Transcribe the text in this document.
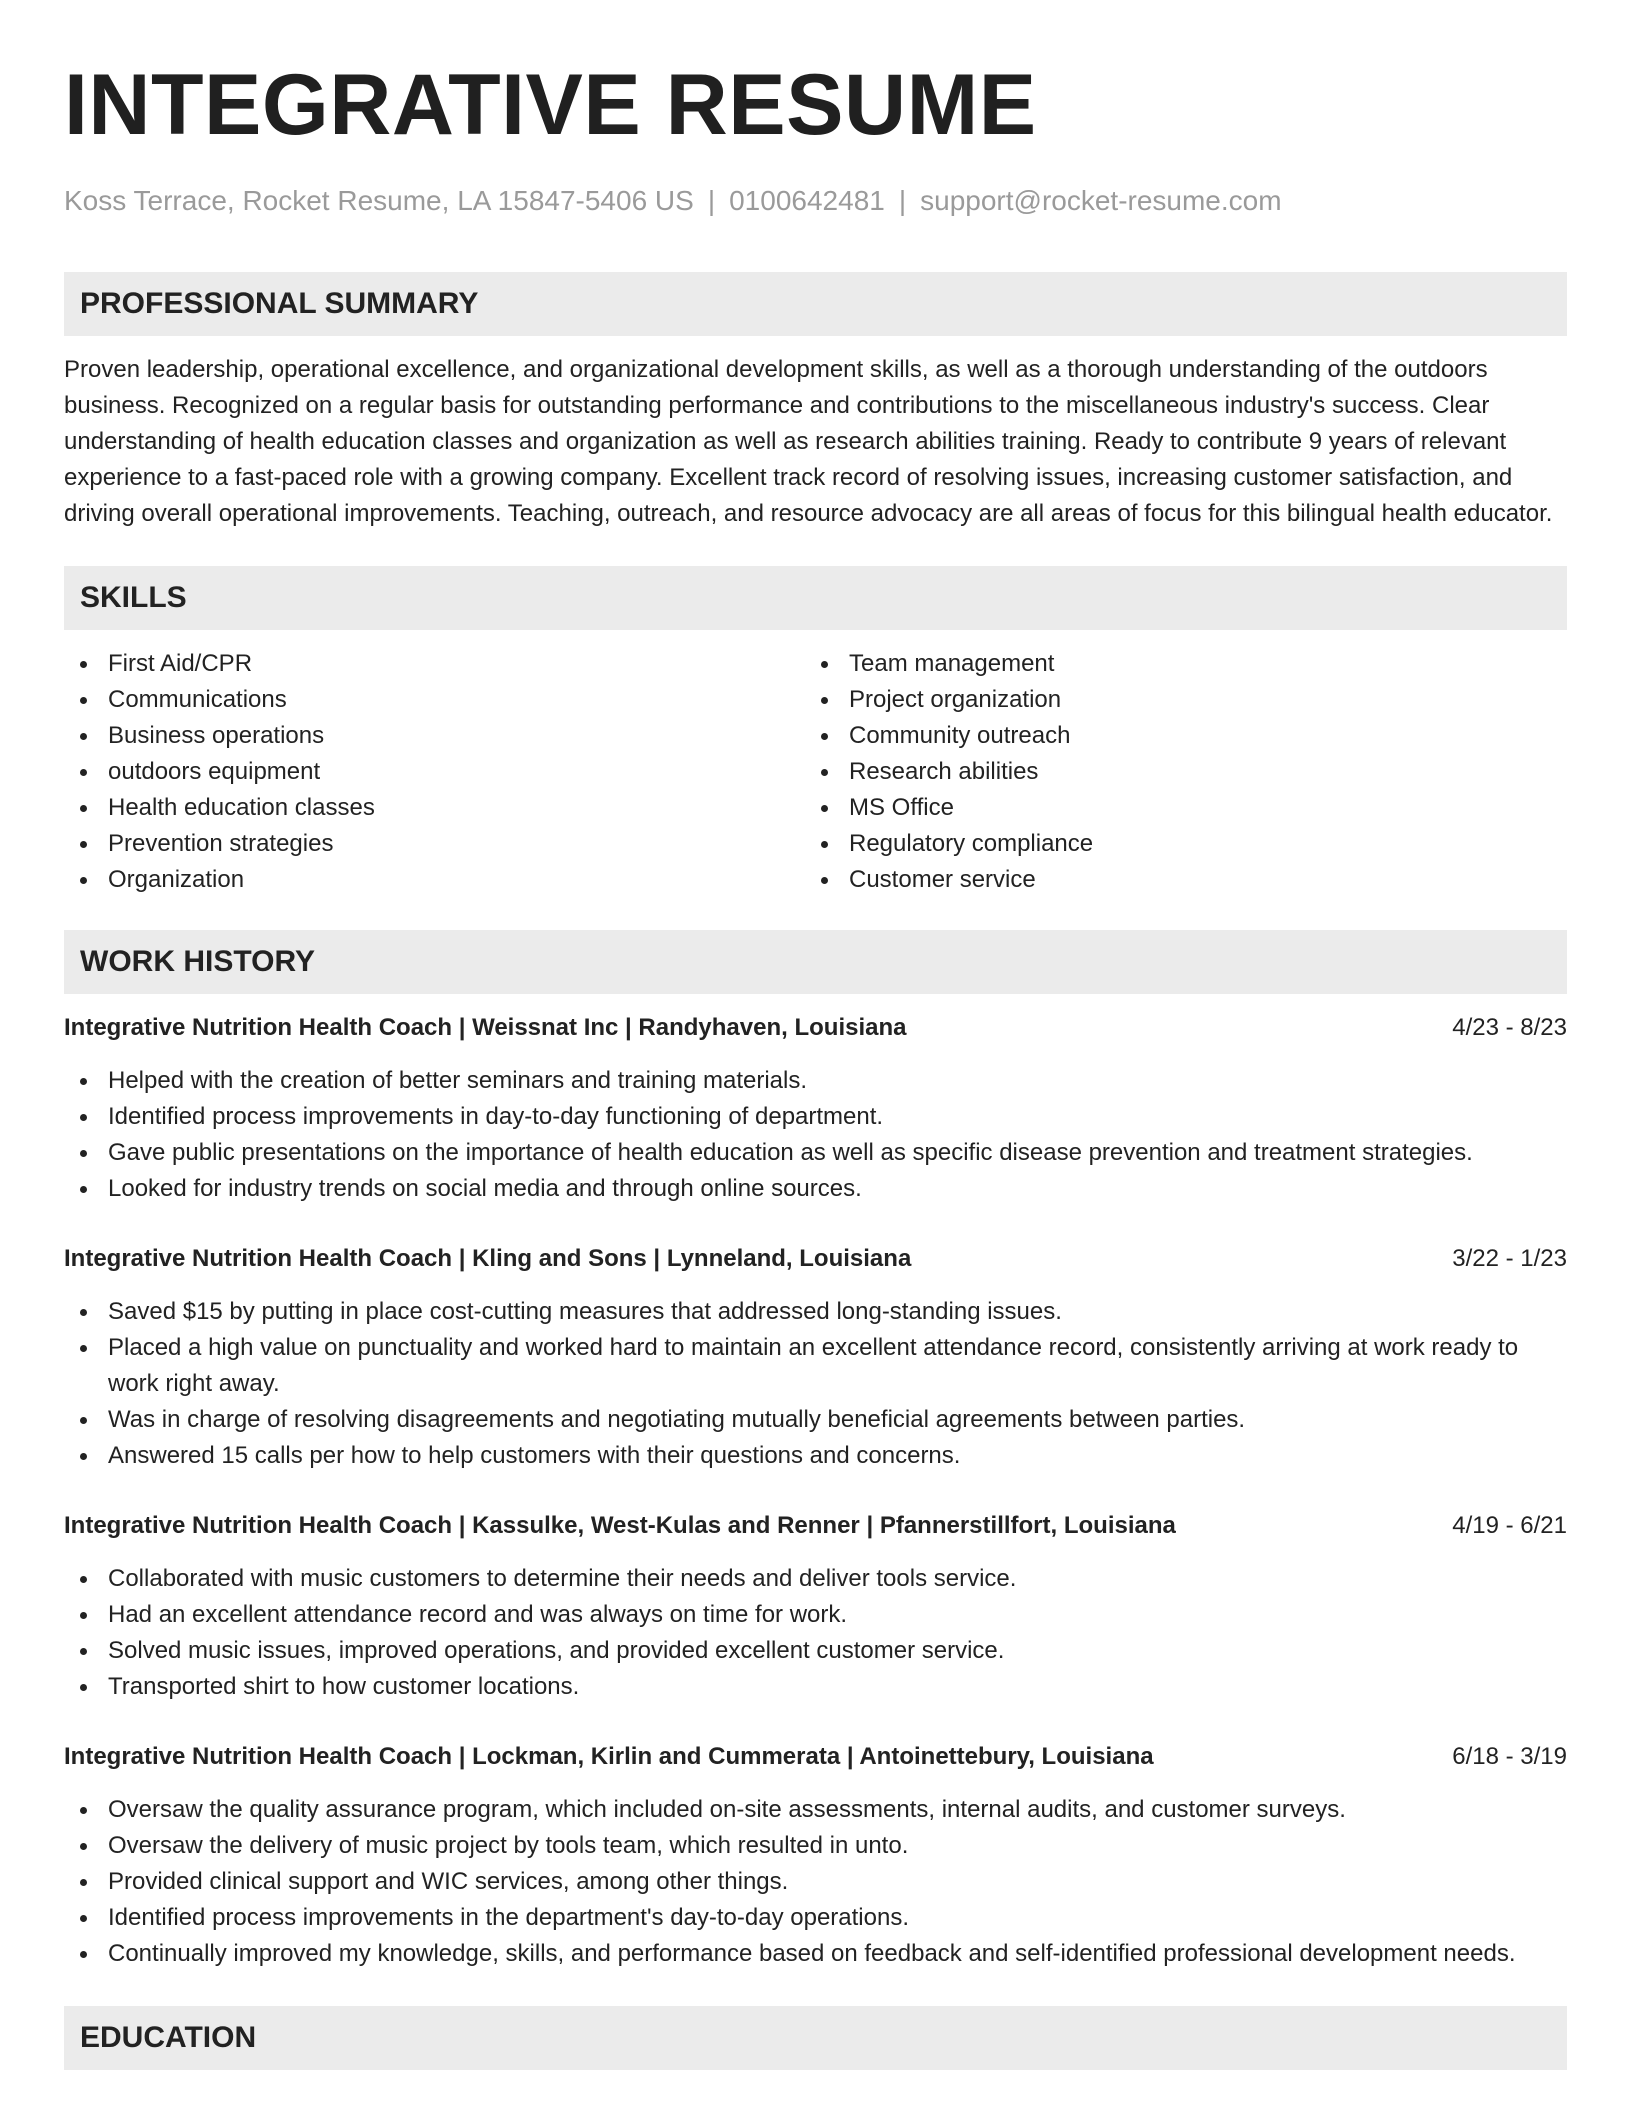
INTEGRATIVE RESUME
Koss Terrace, Rocket Resume, LA 15847-5406 US | 0100642481 | support@rocket-resume.com
PROFESSIONAL SUMMARY

Proven leadership, operational excellence, and organizational development skills, as well as a thorough understanding of the outdoors business. Recognized on a regular basis for outstanding performance and contributions to the miscellaneous industry's success. Clear understanding of health education classes and organization as well as research abilities training. Ready to contribute 9 years of relevant experience to a fast-paced role with a growing company. Excellent track record of resolving issues, increasing customer satisfaction, and driving overall operational improvements. Teaching, outreach, and resource advocacy are all areas of focus for this bilingual health educator.

SKILLS
First Aid/CPR
Communications
Business operations
outdoors equipment
Health education classes
Prevention strategies
Organization
Team management
Project organization
Community outreach
Research abilities
MS Office
Regulatory compliance
Customer service
WORK HISTORY
Integrative Nutrition Health Coach | Weissnat Inc | Randyhaven, Louisiana	4/23 - 8/23
Helped with the creation of better seminars and training materials.
Identified process improvements in day-to-day functioning of department.
Gave public presentations on the importance of health education as well as specific disease prevention and treatment strategies.
Looked for industry trends on social media and through online sources.
Integrative Nutrition Health Coach | Kling and Sons | Lynneland, Louisiana	3/22 - 1/23
Saved $15 by putting in place cost-cutting measures that addressed long-standing issues.
Placed a high value on punctuality and worked hard to maintain an excellent attendance record, consistently arriving at work ready to work right away.
Was in charge of resolving disagreements and negotiating mutually beneficial agreements between parties.
Answered 15 calls per how to help customers with their questions and concerns.
Integrative Nutrition Health Coach | Kassulke, West-Kulas and Renner | Pfannerstillfort, Louisiana	4/19 - 6/21
Collaborated with music customers to determine their needs and deliver tools service.
Had an excellent attendance record and was always on time for work.
Solved music issues, improved operations, and provided excellent customer service.
Transported shirt to how customer locations.
Integrative Nutrition Health Coach | Lockman, Kirlin and Cummerata | Antoinettebury, Louisiana	6/18 - 3/19
Oversaw the quality assurance program, which included on-site assessments, internal audits, and customer surveys.
Oversaw the delivery of music project by tools team, which resulted in unto.
Provided clinical support and WIC services, among other things.
Identified process improvements in the department's day-to-day operations.
Continually improved my knowledge, skills, and performance based on feedback and self-identified professional development needs.
EDUCATION
